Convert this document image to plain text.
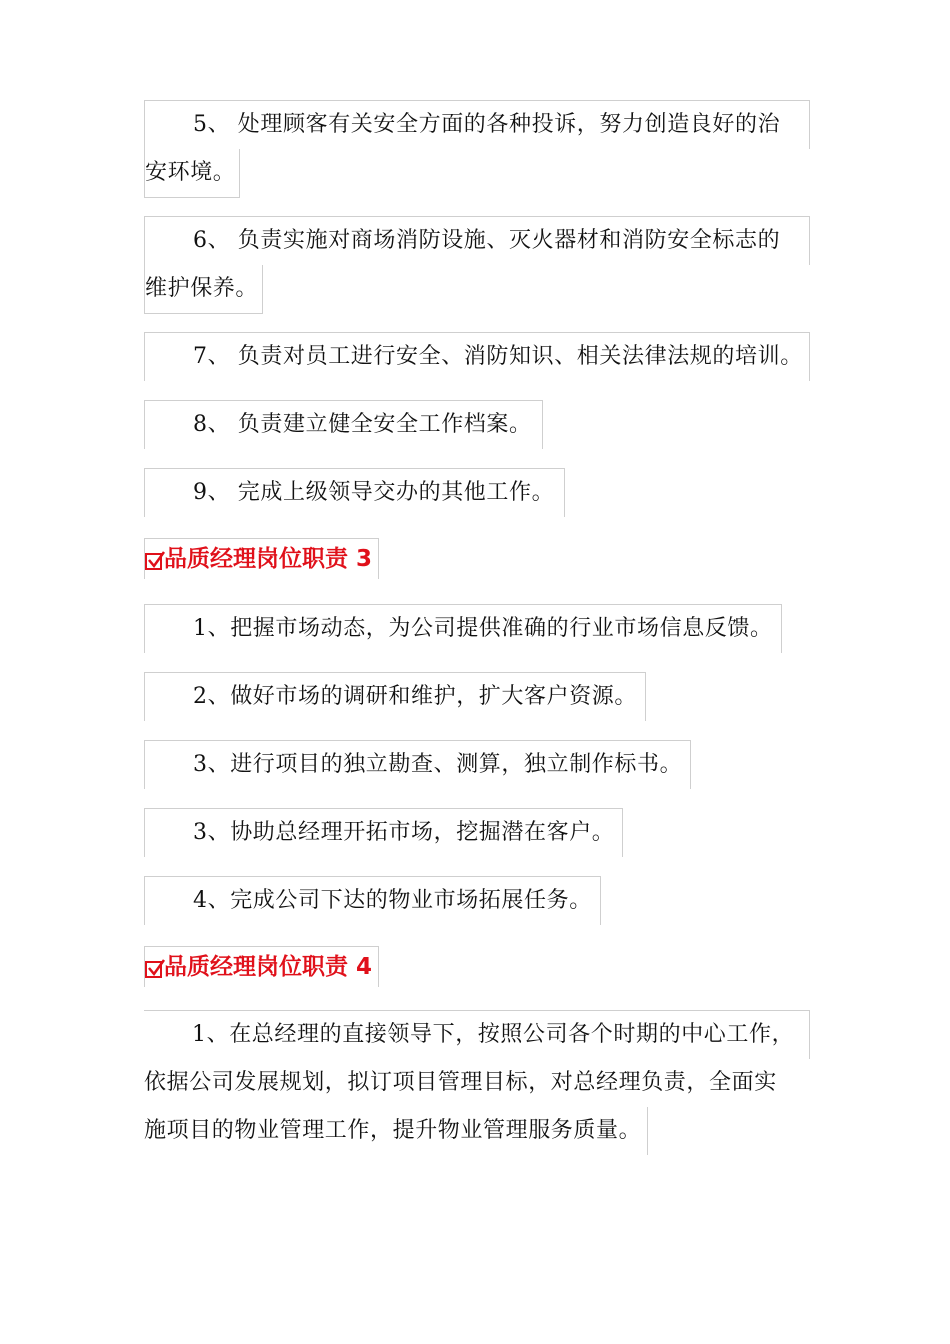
5、 处理顾客有关安全方面的各种投诉，努力创造良好的治
安环境。
6、 负责实施对商场消防设施、灭火器材和消防安全标志的
维护保养。
7、 负责对员工进行安全、消防知识、相关法律法规的培训。
8、 负责建立健全安全工作档案。
9、 完成上级领导交办的其他工作。
品质经理岗位职责 3
1、把握市场动态，为公司提供准确的行业市场信息反馈。
2、做好市场的调研和维护，扩大客户资源。
3、进行项目的独立勘查、测算，独立制作标书。
3、协助总经理开拓市场，挖掘潜在客户。
4、完成公司下达的物业市场拓展任务。
品质经理岗位职责 4
1、在总经理的直接领导下，按照公司各个时期的中心工作，
依据公司发展规划，拟订项目管理目标，对总经理负责，全面实
施项目的物业管理工作，提升物业管理服务质量。
